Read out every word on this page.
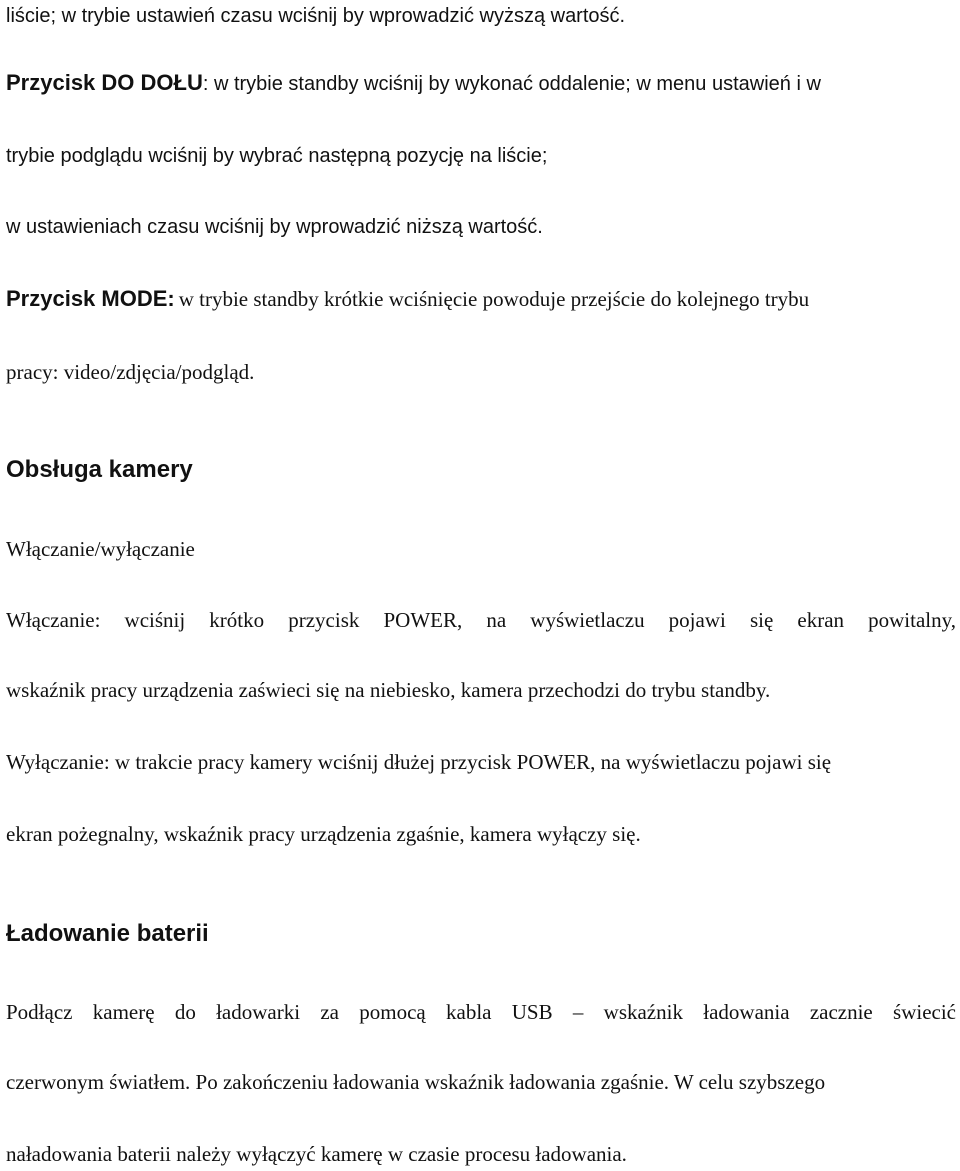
liście; w trybie ustawień czasu wciśnij by wprowadzić wyższą wartość.
Przycisk DO DOŁU: w trybie standby wciśnij by wykonać oddalenie; w menu ustawień i w
trybie podglądu wciśnij by wybrać następną pozycję na liście;
w ustawieniach czasu wciśnij by wprowadzić niższą wartość.
Przycisk MODE: w trybie standby krótkie wciśnięcie powoduje przejście do kolejnego trybu
pracy: video/zdjęcia/podgląd.
Obsługa kamery
Włączanie/wyłączanie
Włączanie: wciśnij krótko przycisk POWER, na wyświetlaczu pojawi się ekran powitalny,
wskaźnik pracy urządzenia zaświeci się na niebiesko, kamera przechodzi do trybu standby.
Wyłączanie: w trakcie pracy kamery wciśnij dłużej przycisk POWER, na wyświetlaczu pojawi się
ekran pożegnalny, wskaźnik pracy urządzenia zgaśnie, kamera wyłączy się.
Ładowanie baterii
Podłącz kamerę do ładowarki za pomocą kabla USB – wskaźnik ładowania zacznie świecić
czerwonym światłem. Po zakończeniu ładowania wskaźnik ładowania zgaśnie. W celu szybszego
naładowania baterii należy wyłączyć kamerę w czasie procesu ładowania.
